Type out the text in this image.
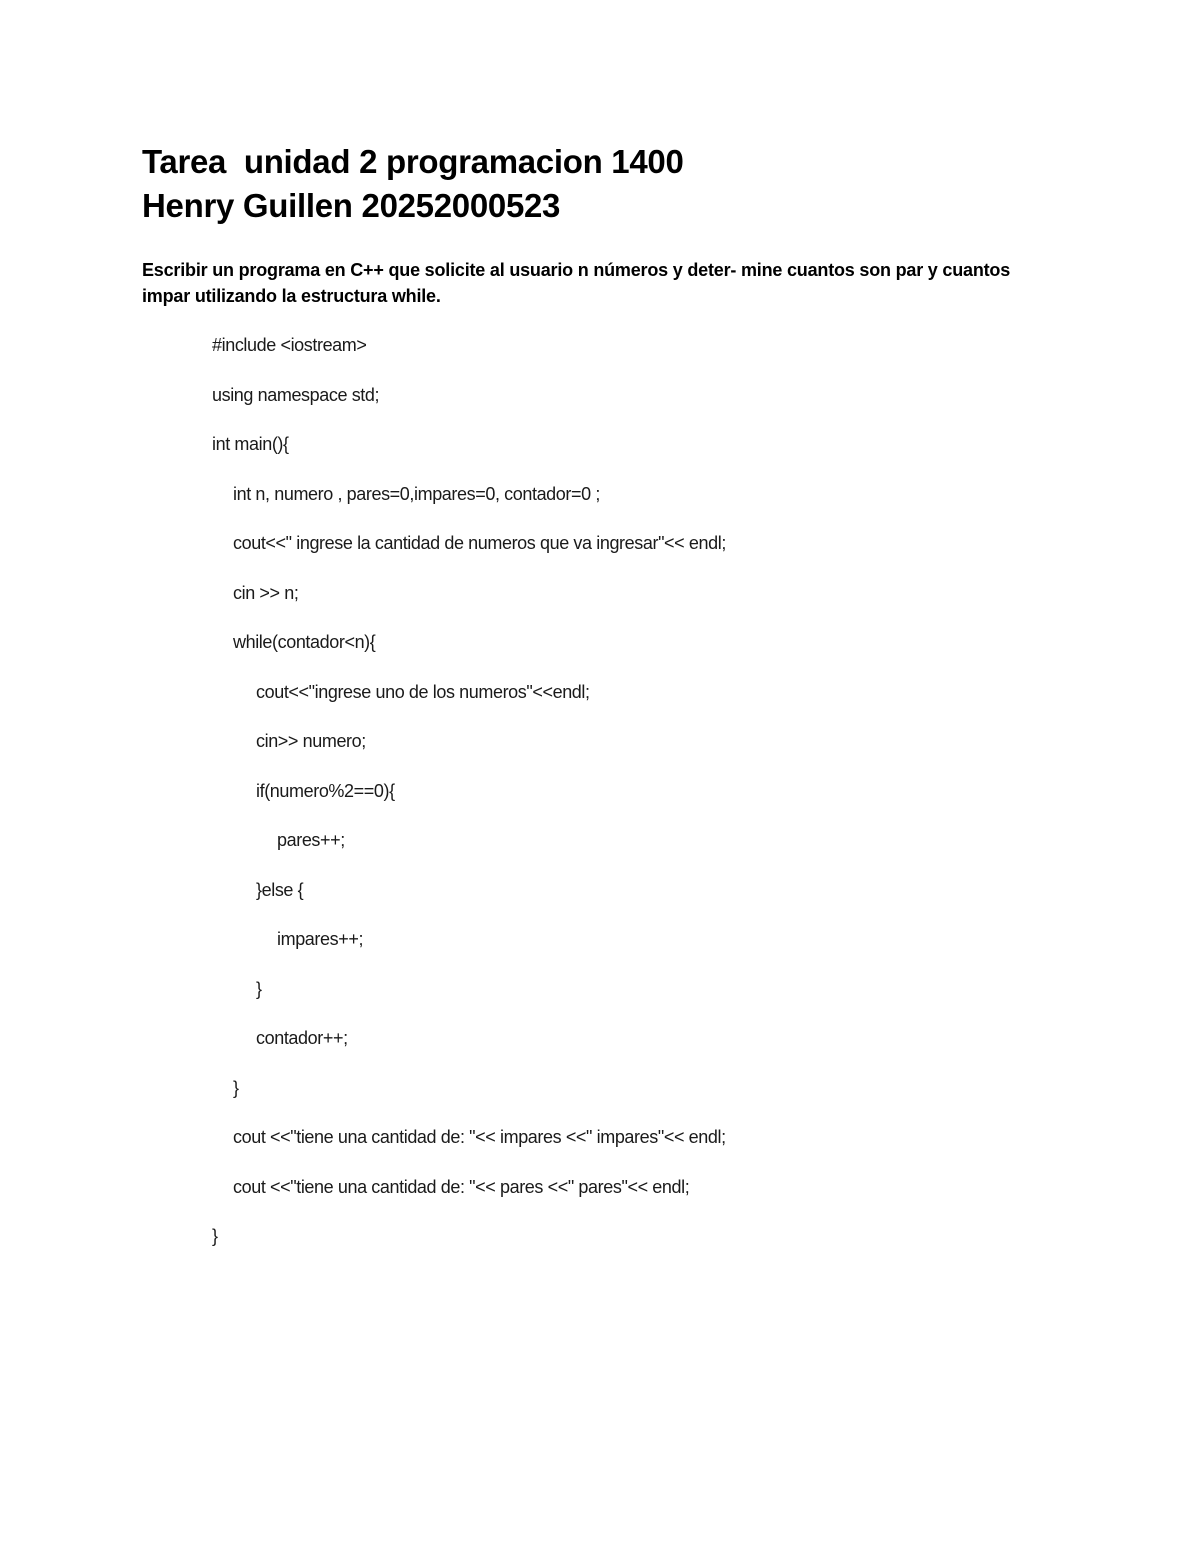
Tarea  unidad 2 programacion 1400
Henry Guillen 20252000523
Escribir un programa en C++ que solicite al usuario n números y deter- mine cuantos son par y cuantos impar utilizando la estructura while.
#include <iostream>
using namespace std;
int main(){
int n, numero , pares=0,impares=0, contador=0 ;
cout<<" ingrese la cantidad de numeros que va ingresar"<< endl;
cin >> n;
while(contador<n){
cout<<"ingrese uno de los numeros"<<endl;
cin>> numero;
if(numero%2==0){
pares++;
}else {
impares++;
}
contador++;
}
cout <<"tiene una cantidad de: "<< impares <<" impares"<< endl;
cout <<"tiene una cantidad de: "<< pares <<" pares"<< endl;
}
